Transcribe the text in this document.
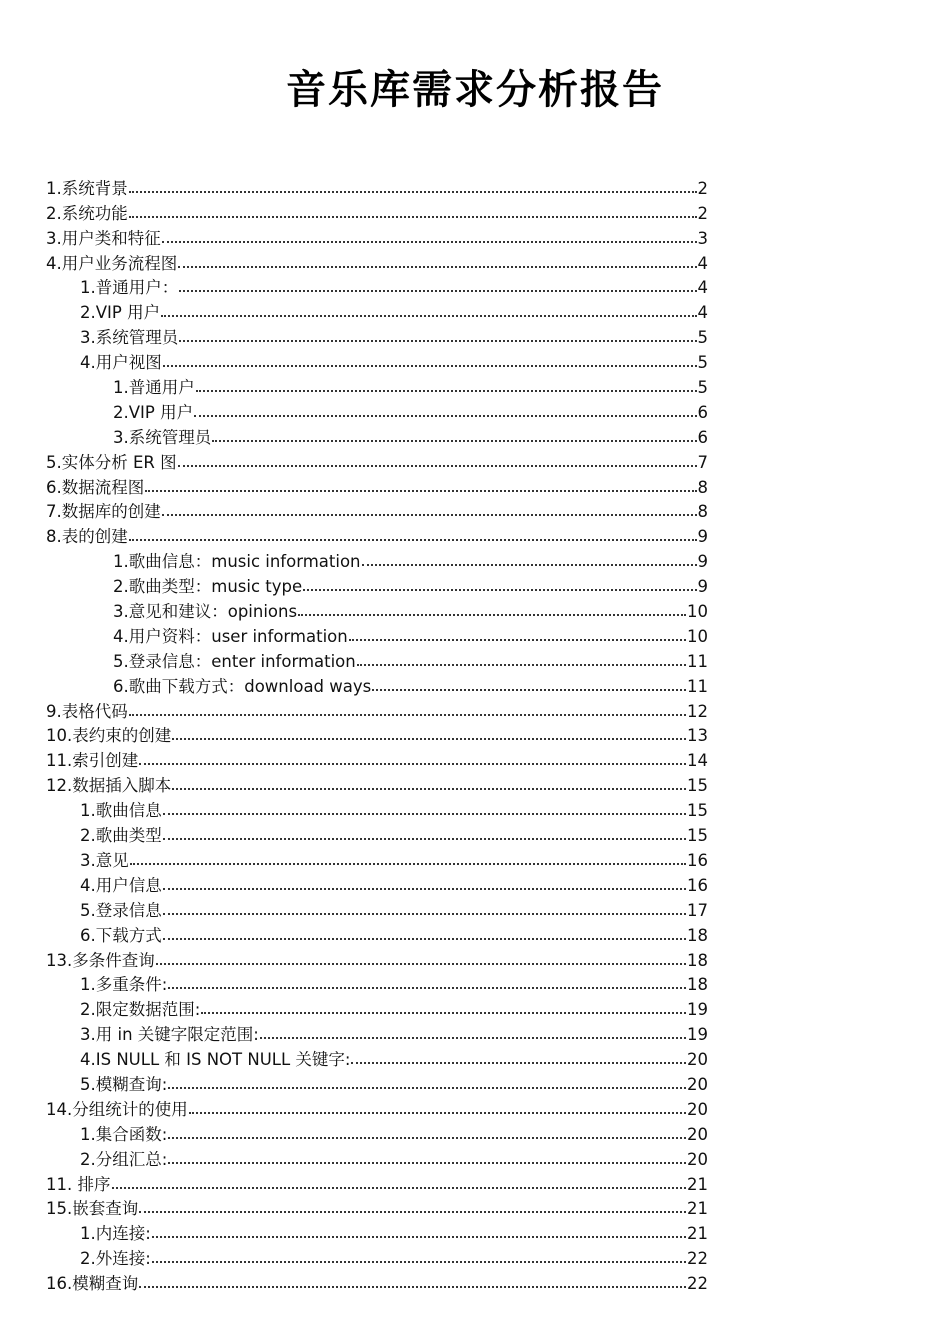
音乐库需求分析报告
1.系统背景	2
2.系统功能	2
3.用户类和特征	3
4.用户业务流程图	4
1.普通用户：	4
2.VIP 用户	4
3.系统管理员	5
4.用户视图	5
1.普通用户	5
2.VIP 用户	6
3.系统管理员	6
5.实体分析 ER 图	7
6.数据流程图	8
7.数据库的创建	8
8.表的创建	9
1.歌曲信息：music information	9
2.歌曲类型：music type	9
3.意见和建议：opinions	10
4.用户资料：user information	10
5.登录信息：enter information	11
6.歌曲下载方式：download ways	11
9.表格代码	12
10.表约束的创建	13
11.索引创建	14
12.数据插入脚本	15
1.歌曲信息	15
2.歌曲类型	15
3.意见	16
4.用户信息	16
5.登录信息	17
6.下载方式	18
13.多条件查询	18
1.多重条件:	18
2.限定数据范围:	19
3.用 in 关键字限定范围:	19
4.IS NULL 和 IS NOT NULL 关键字:	20
5.模糊查询:	20
14.分组统计的使用	20
1.集合函数:	20
2.分组汇总:	20
11. 排序	21
15.嵌套查询	21
1.内连接:	21
2.外连接:	22
16.模糊查询	22
